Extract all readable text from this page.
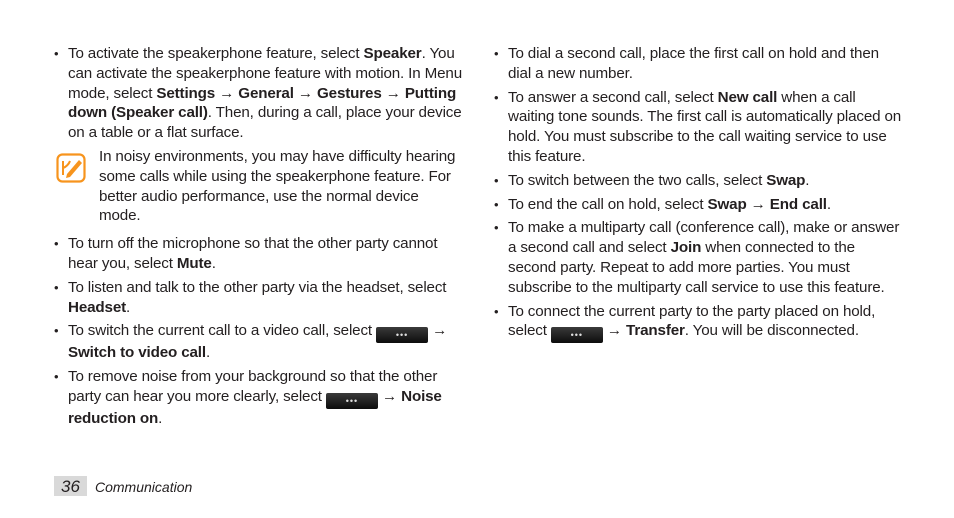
• To activate the speakerphone feature, select Speaker. You can activate the speakerphone feature with motion. In Menu mode, select Settings → General → Gestures → Putting down (Speaker call). Then, during a call, place your device on a table or a flat surface.
In noisy environments, you may have difficulty hearing some calls while using the speakerphone feature. For better audio performance, use the normal device mode.
• To turn off the microphone so that the other party cannot hear you, select Mute.
• To listen and talk to the other party via the headset, select Headset.
• To switch the current call to a video call, select ••• → Switch to video call.
• To remove noise from your background so that the other party can hear you more clearly, select ••• → Noise reduction on.
• To dial a second call, place the first call on hold and then dial a new number.
• To answer a second call, select New call when a call waiting tone sounds. The first call is automatically placed on hold. You must subscribe to the call waiting service to use this feature.
• To switch between the two calls, select Swap.
• To end the call on hold, select Swap → End call.
• To make a multiparty call (conference call), make or answer a second call and select Join when connected to the second party. Repeat to add more parties. You must subscribe to the multiparty call service to use this feature.
• To connect the current party to the party placed on hold, select ••• → Transfer. You will be disconnected.
36	Communication
